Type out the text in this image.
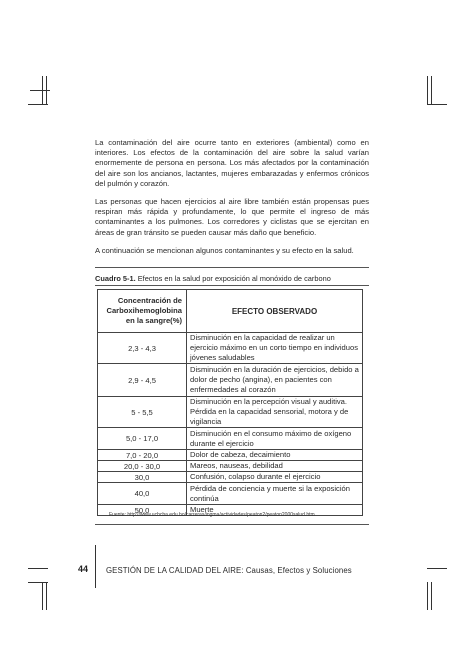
La contaminación del aire ocurre tanto en exteriores (ambiental) como en interiores. Los efectos de la contaminación del aire sobre la salud varían enormemente de persona en persona. Los más afectados por la contaminación del aire son los ancianos, lactantes, mujeres embarazadas y enfermos crónicos del pulmón y corazón.

Las personas que hacen ejercicios al aire libre también están propensas pues respiran más rápida y profundamente, lo que permite el ingreso de más contaminantes a los pulmones. Los corredores y ciclistas que se ejercitan en áreas de gran tránsito se pueden causar más daño que beneficio.

A continuación se mencionan algunos contaminantes y su efecto en la salud.

Cuadro 5-1. Efectos en la salud por exposición al monóxido de carbono
Concentración de Carboxihemoglobina en la sangre(%)	EFECTO OBSERVADO
2,3 - 4,3	Disminución en la capacidad de realizar un ejercicio máximo en un corto tiempo en individuos jóvenes saludables
2,9 - 4,5	Disminución en la duración de ejercicios, debido a dolor de pecho (angina), en pacientes con enfermedades al corazón
5 - 5,5	Disminución en la percepción visual y auditiva. Pérdida en la capacidad sensorial, motora y de vigilancia
5,0 - 17,0	Disminución en el consumo máximo de oxígeno durante el ejercicio
7,0 - 20,0	Dolor de cabeza, decaimiento
20,0 - 30,0	Mareos, nauseas, debilidad
30,0	Confusión, colapso durante el ejercicio
40,0	Pérdida de conciencia y muerte si la exposición continúa
50,0	Muerte
Fuente: http://www.ucbcba.edu.bo/carreras/ingma/actividades/peaton2/peaton2000salud.htm
44 GESTIÓN DE LA CALIDAD DEL AIRE: Causas, Efectos y Soluciones
